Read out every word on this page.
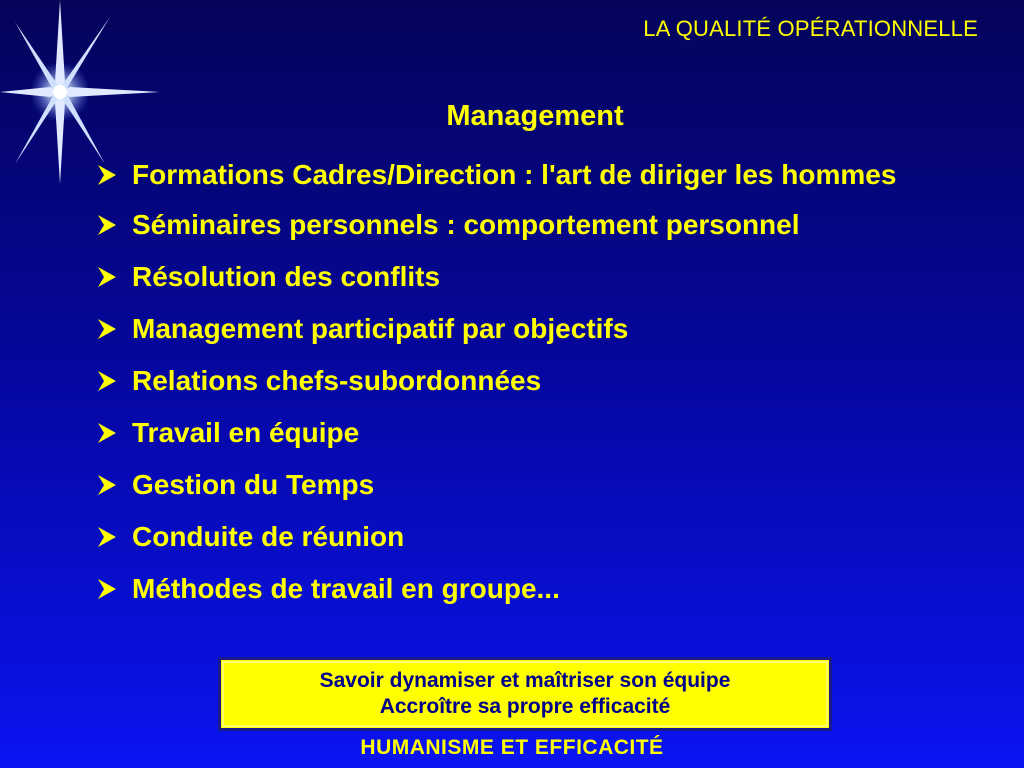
LA QUALITÉ OPÉRATIONNELLE
Management
Formations Cadres/Direction : l'art de diriger les hommes
Séminaires personnels : comportement personnel
Résolution des conflits
Management participatif par objectifs
Relations chefs-subordonnées
Travail en équipe
Gestion du Temps
Conduite de réunion
Méthodes de travail en groupe...
Savoir dynamiser et maîtriser son équipe
Accroître sa propre efficacité
HUMANISME ET EFFICACITÉ
